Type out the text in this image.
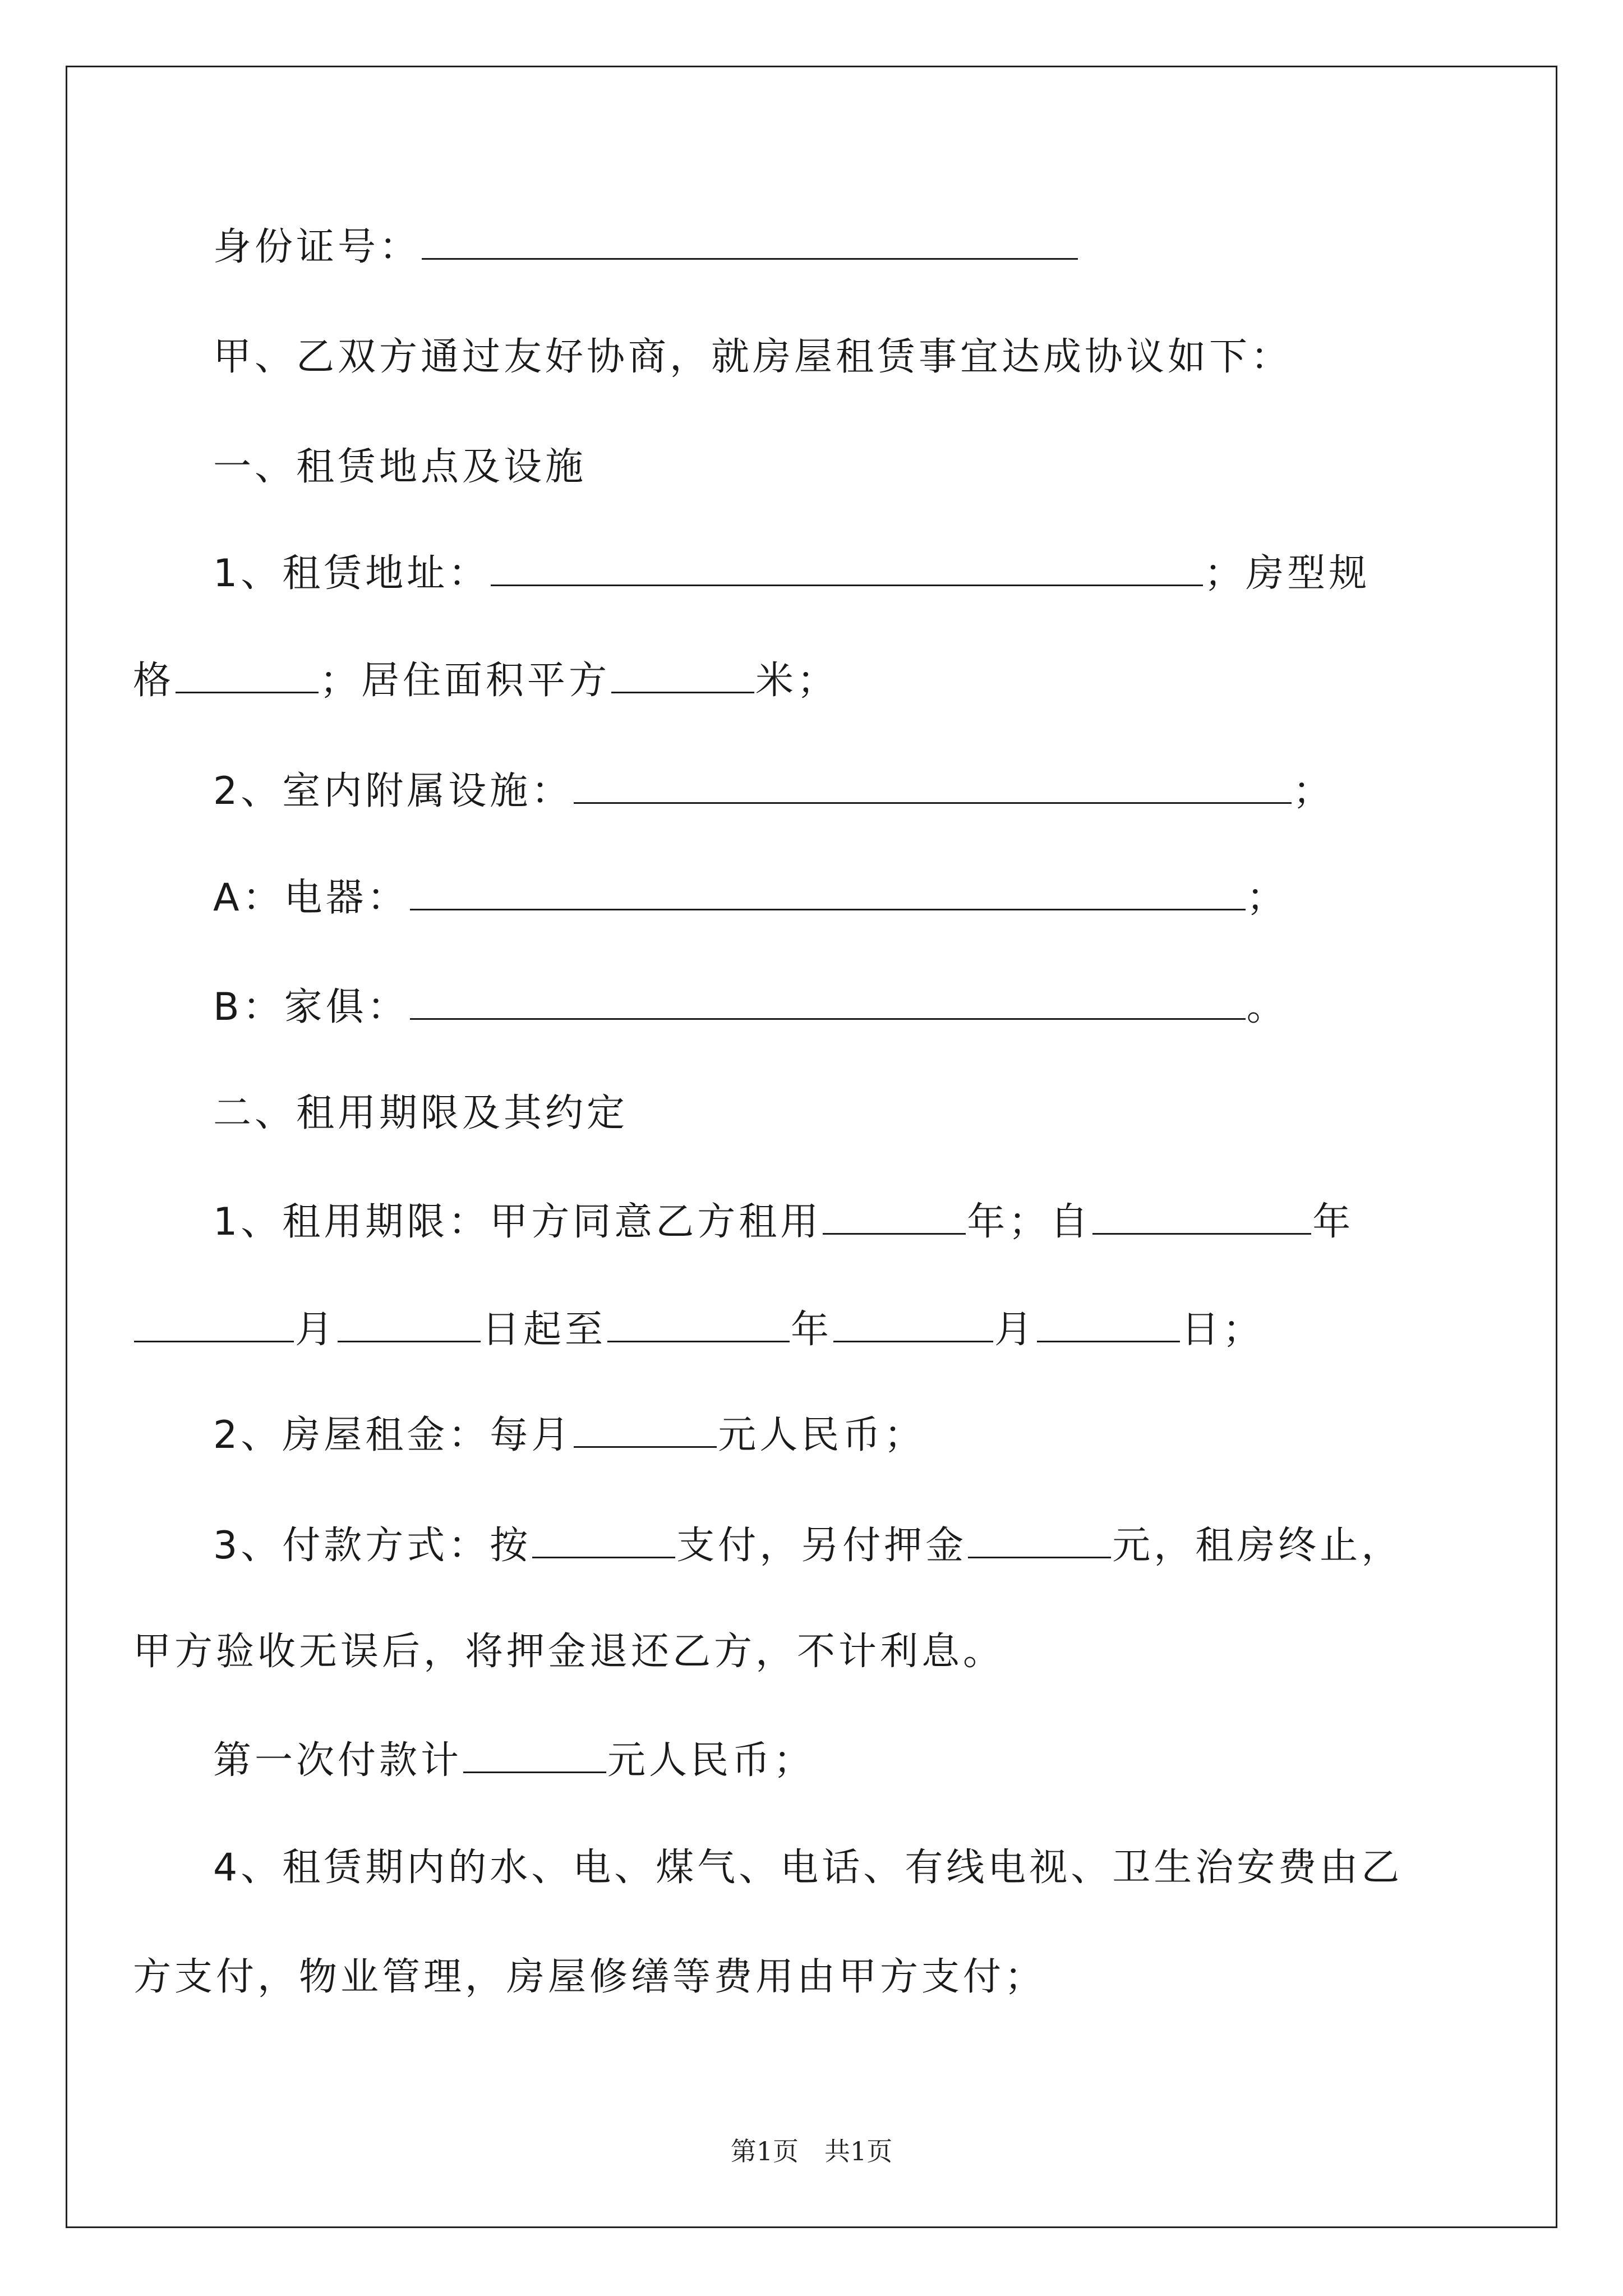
身份证号：
甲、乙双方通过友好协商，就房屋租赁事宜达成协议如下：
一、租赁地点及设施
1、租赁地址：	；房型规
格	；居住面积平方	米；
2、室内附属设施：	；
A：电器：	；
B：家俱：	。
二、租用期限及其约定
1、租用期限：甲方同意乙方租用	年；自	年
月	日起至	年	月	日；
2、房屋租金：每月	元人民币；
3、付款方式：按	支付，另付押金	元，租房终止，
甲方验收无误后，将押金退还乙方，不计利息。
第一次付款计	元人民币；
4、租赁期内的水、电、煤气、电话、有线电视、卫生治安费由乙
方支付，物业管理，房屋修缮等费用由甲方支付；
第1页　共1页
